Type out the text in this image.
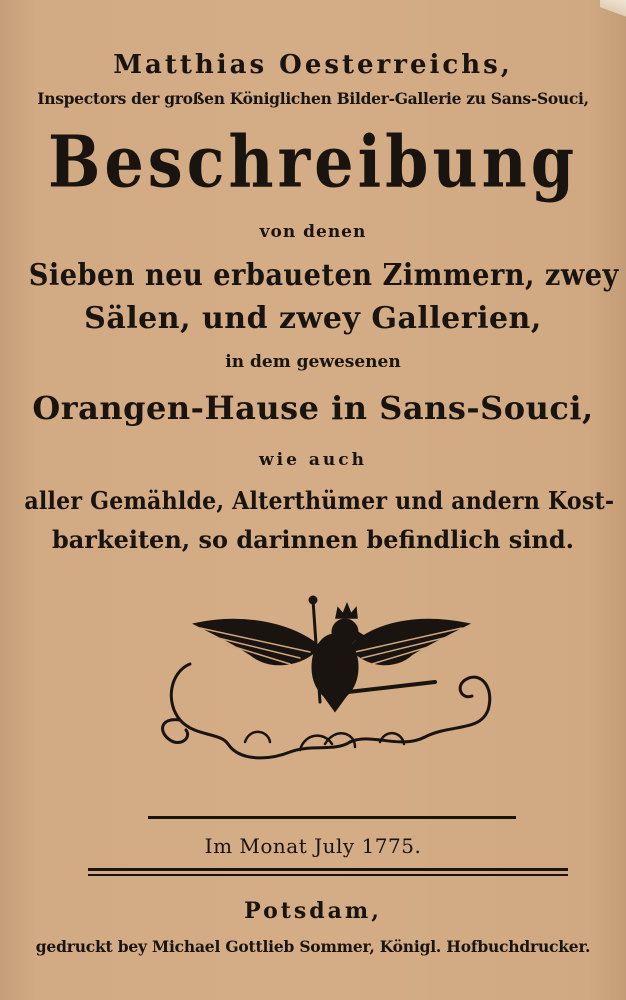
Matthias Oesterreichs,
Inspectors der großen Königlichen Bilder-Gallerie zu Sans-Souci,
Beschreibung
von denen
Sieben neu erbaueten Zimmern, zwey
Sälen, und zwey Gallerien,
in dem gewesenen
Orangen-Hause in Sans-Souci,
wie auch
aller Gemählde, Alterthümer und andern Kost-
barkeiten, so darinnen befindlich sind.
Im Monat July 1775.
Potsdam,
gedruckt bey Michael Gottlieb Sommer, Königl. Hofbuchdrucker.
